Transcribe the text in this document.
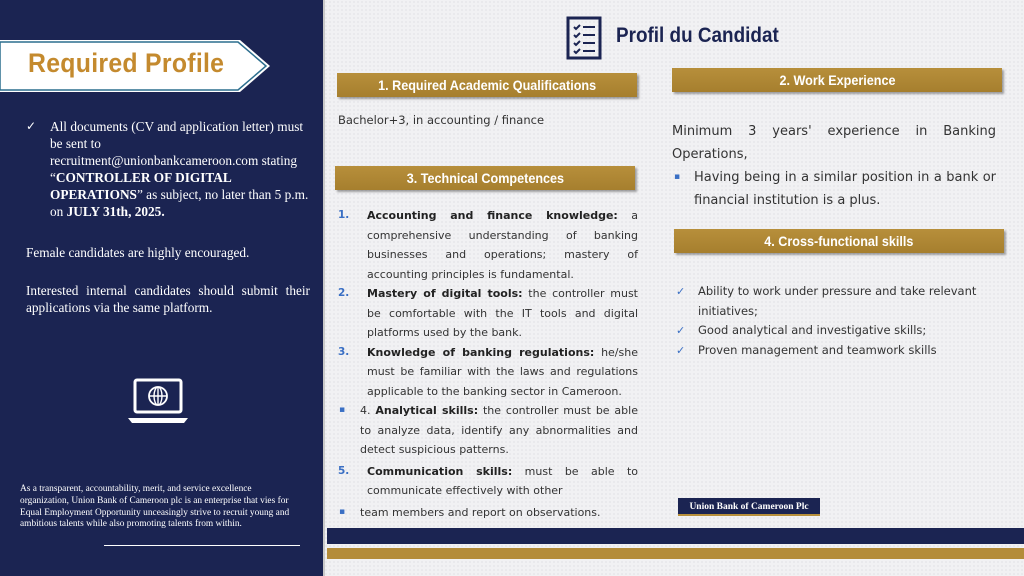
Required Profile
✓ All documents (CV and application letter) must be sent to recruitment@unionbankcameroon.com stating “CONTROLLER OF DIGITAL OPERATIONS” as subject, no later than 5 p.m. on JULY 31th, 2025.
Female candidates are highly encouraged.
Interested internal candidates should submit their applications via the same platform.
As a transparent, accountability, merit, and service excellence organization, Union Bank of Cameroon plc is an enterprise that vies for Equal Employment Opportunity unceasingly strive to recruit young and ambitious talents while also promoting talents from within.
Profil du Candidat
1. Required Academic Qualifications
Bachelor+3, in accounting / finance
3. Technical Competences
1. Accounting and finance knowledge: a comprehensive understanding of banking businesses and operations; mastery of accounting principles is fundamental.
2. Mastery of digital tools: the controller must be comfortable with the IT tools and digital platforms used by the bank.
3. Knowledge of banking regulations: he/she must be familiar with the laws and regulations applicable to the banking sector in Cameroon.
▪ 4. Analytical skills: the controller must be able to analyze data, identify any abnormalities and detect suspicious patterns.
5. Communication skills: must be able to communicate effectively with other
▪ team members and report on observations.
2. Work Experience
Minimum 3 years' experience in Banking Operations,
▪ Having being in a similar position in a bank or financial institution is a plus.
4. Cross-functional skills
✓ Ability to work under pressure and take relevant initiatives;
✓ Good analytical and investigative skills;
✓ Proven management and teamwork skills
Union Bank of Cameroon Plc
